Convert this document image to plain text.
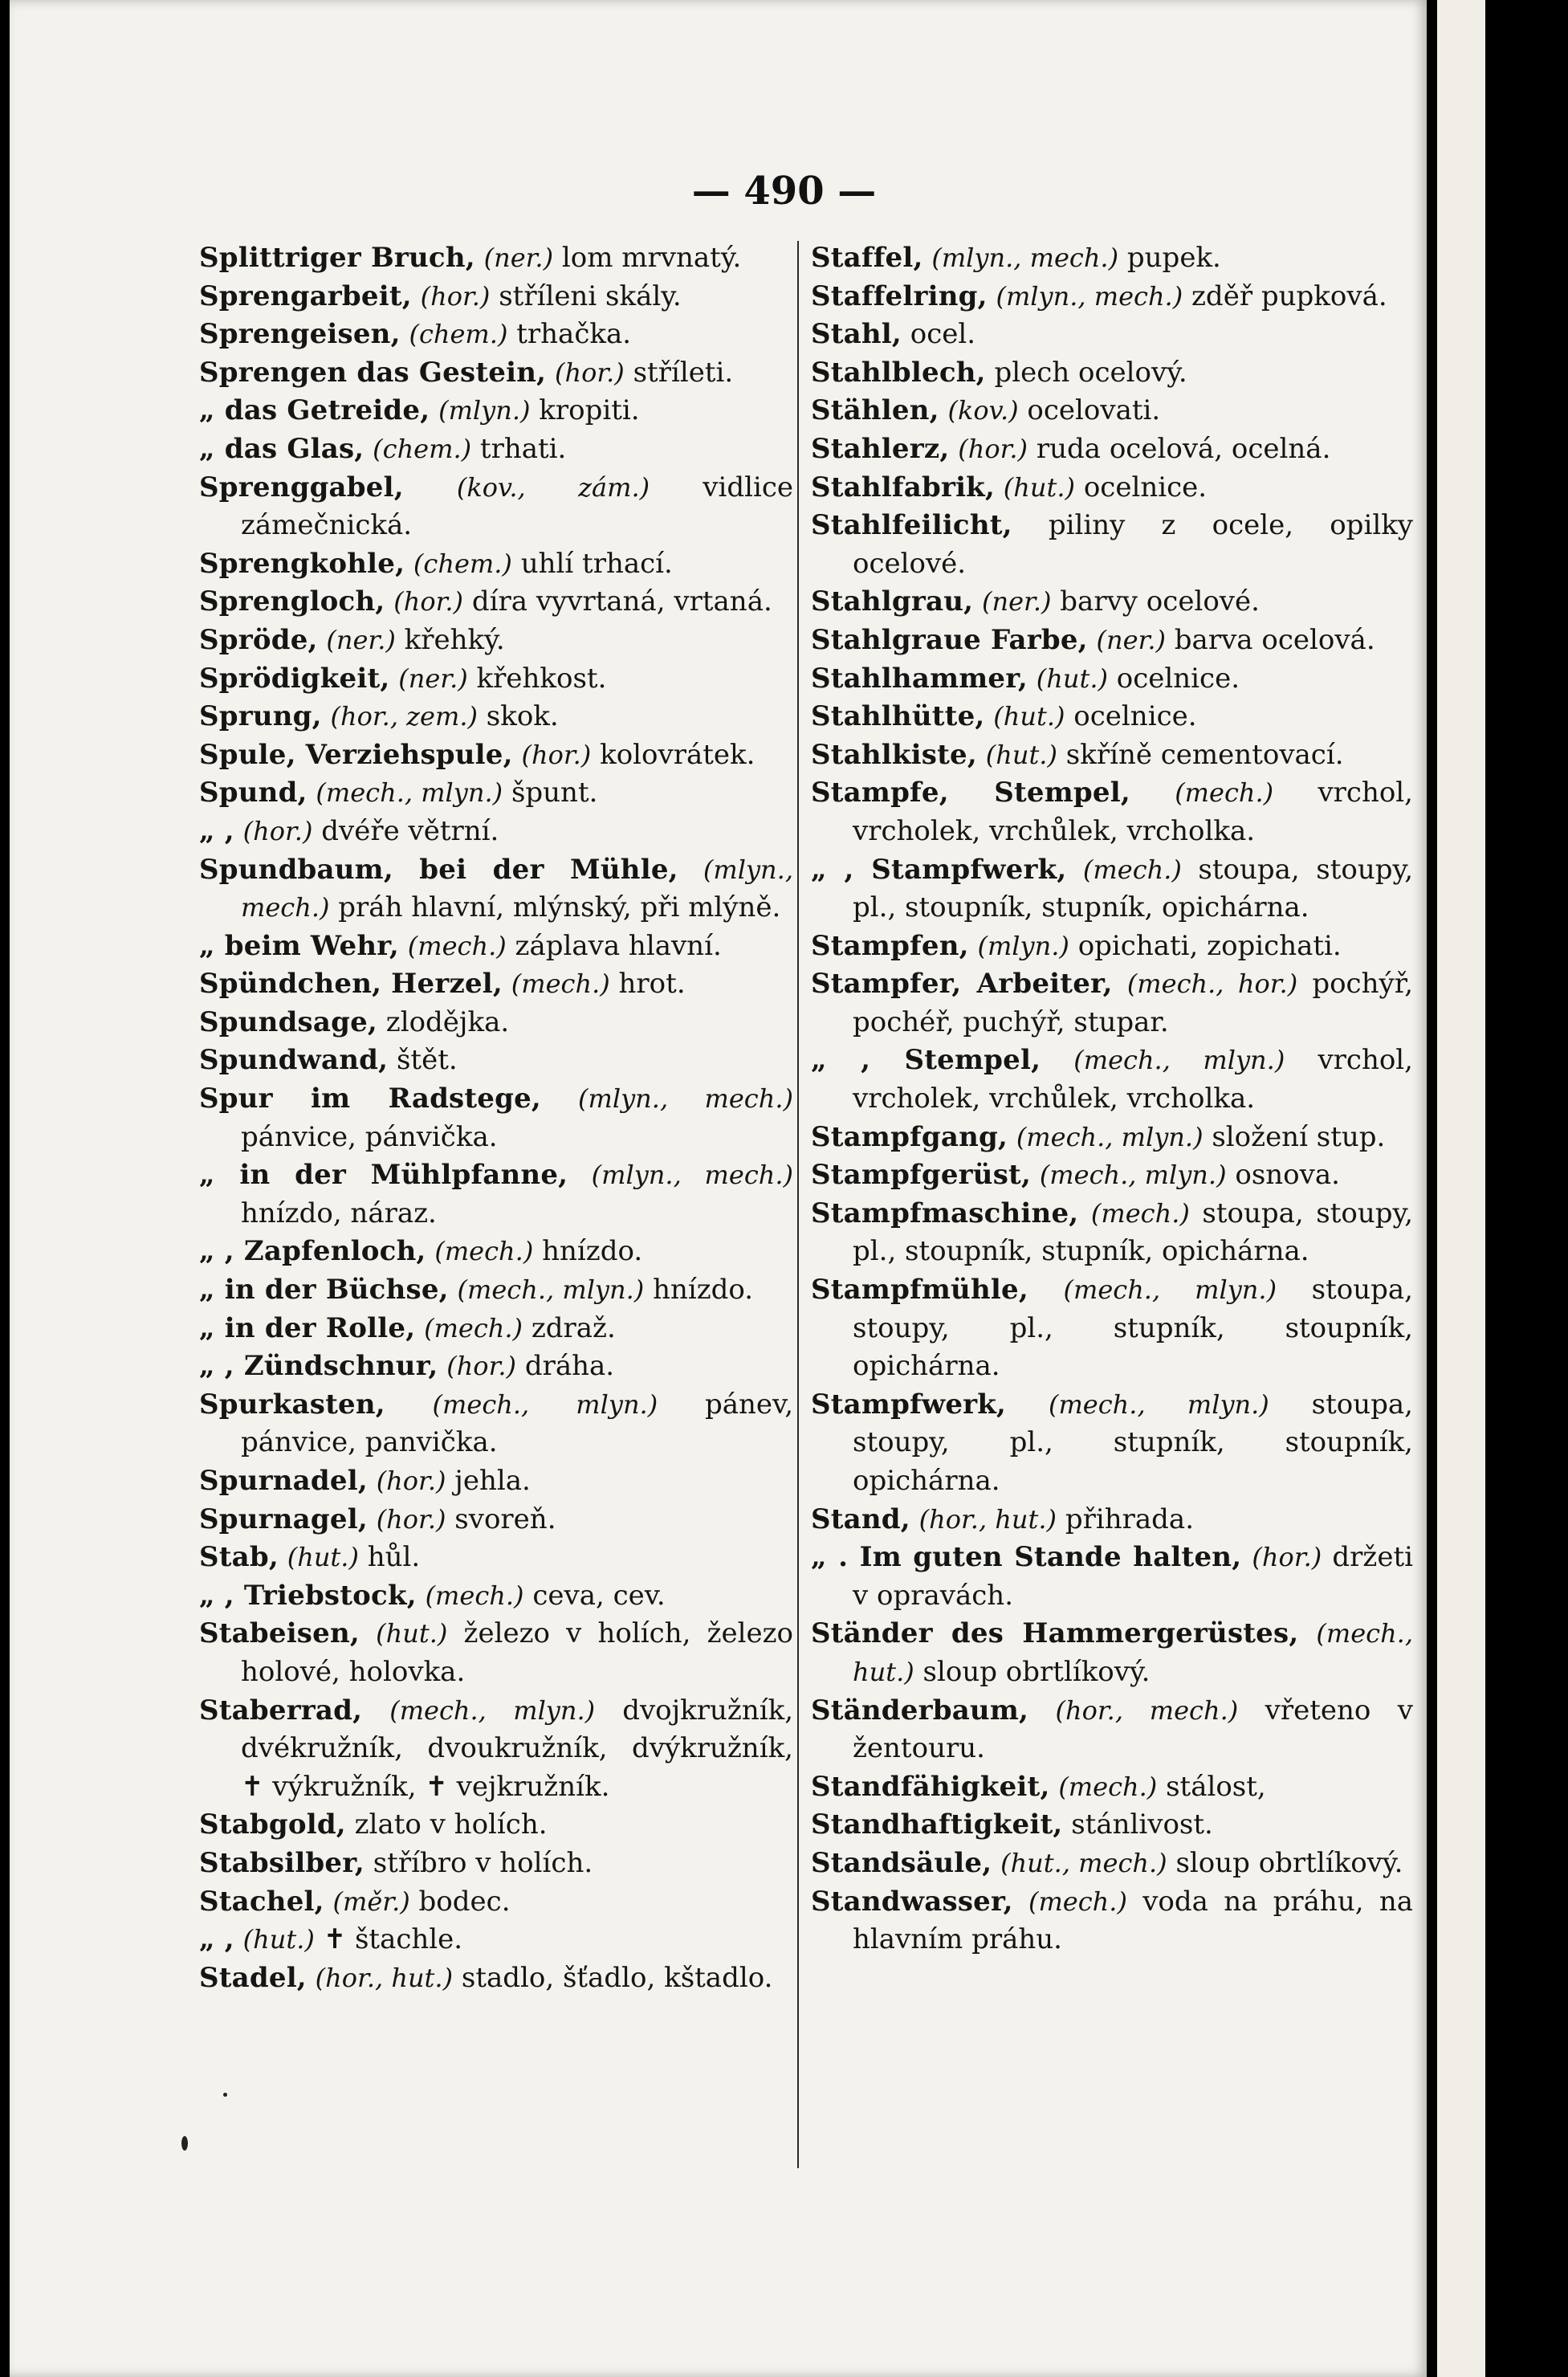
— 490 —
Splittriger Bruch, (ner.) lom mrvnatý.
Sprengarbeit, (hor.) stříleni skály.
Sprengeisen, (chem.) trhačka.
Sprengen das Gestein, (hor.) stříleti.
„ das Getreide, (mlyn.) kropiti.
„ das Glas, (chem.) trhati.
Sprenggabel, (kov., zám.) vidlice zámečnická.
Sprengkohle, (chem.) uhlí trhací.
Sprengloch, (hor.) díra vyvrtaná, vrtaná.
Spröde, (ner.) křehký.
Sprödigkeit, (ner.) křehkost.
Sprung, (hor., zem.) skok.
Spule, Verziehspule, (hor.) kolovrátek.
Spund, (mech., mlyn.) špunt.
„ , (hor.) dvéře větrní.
Spundbaum, bei der Mühle, (mlyn., mech.) práh hlavní, mlýnský, při mlýně.
„ beim Wehr, (mech.) záplava hlavní.
Spündchen, Herzel, (mech.) hrot.
Spundsage, zlodějka.
Spundwand, štět.
Spur im Radstege, (mlyn., mech.) pánvice, pánvička.
„ in der Mühlpfanne, (mlyn., mech.) hnízdo, náraz.
„ , Zapfenloch, (mech.) hnízdo.
„ in der Büchse, (mech., mlyn.) hnízdo.
„ in der Rolle, (mech.) zdraž.
„ , Zündschnur, (hor.) dráha.
Spurkasten, (mech., mlyn.) pánev, pánvice, panvička.
Spurnadel, (hor.) jehla.
Spurnagel, (hor.) svoreň.
Stab, (hut.) hůl.
„ , Triebstock, (mech.) ceva, cev.
Stabeisen, (hut.) železo v holích, železo holové, holovka.
Staberrad, (mech., mlyn.) dvojkružník, dvékružník, dvoukružník, dvýkružník, ✝ výkružník, ✝ vejkružník.
Stabgold, zlato v holích.
Stabsilber, stříbro v holích.
Stachel, (měr.) bodec.
„ , (hut.) ✝ štachle.
Stadel, (hor., hut.) stadlo, šťadlo, kštadlo.
Staffel, (mlyn., mech.) pupek.
Staffelring, (mlyn., mech.) zděř pupková.
Stahl, ocel.
Stahlblech, plech ocelový.
Stählen, (kov.) ocelovati.
Stahlerz, (hor.) ruda ocelová, ocelná.
Stahlfabrik, (hut.) ocelnice.
Stahlfeilicht, piliny z ocele, opilky ocelové.
Stahlgrau, (ner.) barvy ocelové.
Stahlgraue Farbe, (ner.) barva ocelová.
Stahlhammer, (hut.) ocelnice.
Stahlhütte, (hut.) ocelnice.
Stahlkiste, (hut.) skříně cementovací.
Stampfe, Stempel, (mech.) vrchol, vrcholek, vrchůlek, vrcholka.
„ , Stampfwerk, (mech.) stoupa, stoupy, pl., stoupník, stupník, opichárna.
Stampfen, (mlyn.) opichati, zopichati.
Stampfer, Arbeiter, (mech., hor.) pochýř, pochéř, puchýř, stupar.
„ , Stempel, (mech., mlyn.) vrchol, vrcholek, vrchůlek, vrcholka.
Stampfgang, (mech., mlyn.) složení stup.
Stampfgerüst, (mech., mlyn.) osnova.
Stampfmaschine, (mech.) stoupa, stoupy, pl., stoupník, stupník, opichárna.
Stampfmühle, (mech., mlyn.) stoupa, stoupy, pl., stupník, stoupník, opichárna.
Stampfwerk, (mech., mlyn.) stoupa, stoupy, pl., stupník, stoupník, opichárna.
Stand, (hor., hut.) přihrada.
„ . Im guten Stande halten, (hor.) držeti v opravách.
Ständer des Hammergerüstes, (mech., hut.) sloup obrtlíkový.
Ständerbaum, (hor., mech.) vřeteno v žentouru.
Standfähigkeit, (mech.) stálost,
Standhaftigkeit, stánlivost.
Standsäule, (hut., mech.) sloup obrtlíkový.
Standwasser, (mech.) voda na práhu, na hlavním práhu.
